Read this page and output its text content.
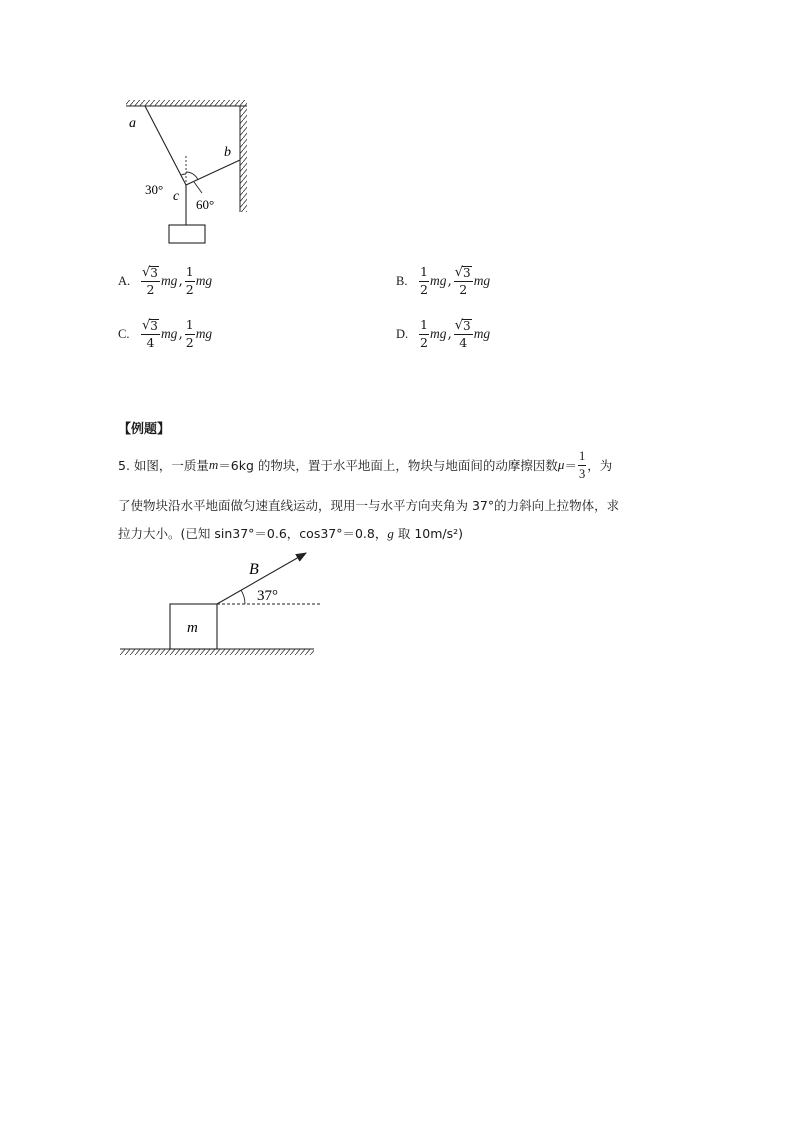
a
b
c
30°
60°
A. $\frac{√ 3}{2}$ mg , $\frac{1}{2}$ mg	B. $\frac{1}{2}$ mg , $\frac{√ 3}{2}$ mg
C. $\frac{√ 3}{4}$ mg , $\frac{1}{2}$ mg	D. $\frac{1}{2}$ mg , $\frac{√ 3}{4}$ mg
【例题】
5. 如图，一质量 m ＝6kg 的物块，置于水平地面上，物块与地面间的动摩擦因数 $\mu = \frac{1}{3}$ ，为
了使物块沿水平地面做匀速直线运动，现用一与水平方向夹角为 37°的力斜向上拉物体，求
拉力大小。(已知 sin37°＝0.6，cos37°＝0.8，g 取 10m/s²)
m
B
37°
